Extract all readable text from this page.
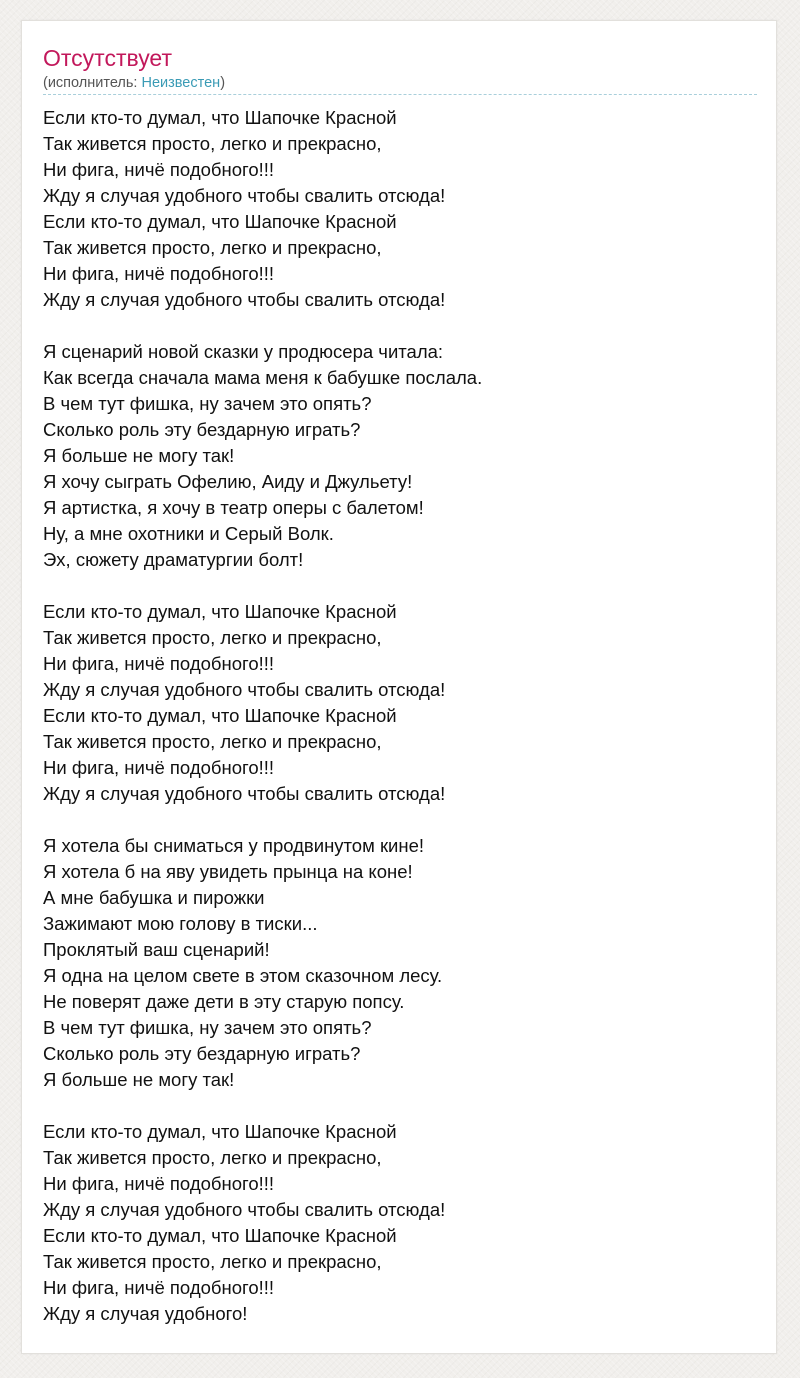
Отсутствует
(исполнитель: Неизвестен)
Если кто-то думал, что Шапочке Красной
Так живется просто, легко и прекрасно,
Ни фига, ничё подобного!!!
Жду я случая удобного чтобы свалить отсюда!
Если кто-то думал, что Шапочке Красной
Так живется просто, легко и прекрасно,
Ни фига, ничё подобного!!!
Жду я случая удобного чтобы свалить отсюда!
Я сценарий новой сказки у продюсера читала:
Как всегда сначала мама меня к бабушке послала.
В чем тут фишка, ну зачем это опять?
Сколько роль эту бездарную играть?
Я больше не могу так!
Я хочу сыграть Офелию, Аиду и Джульету!
Я артистка, я хочу в театр оперы с балетом!
Ну, а мне охотники и Серый Волк.
Эх, сюжету драматургии болт!
Если кто-то думал, что Шапочке Красной
Так живется просто, легко и прекрасно,
Ни фига, ничё подобного!!!
Жду я случая удобного чтобы свалить отсюда!
Если кто-то думал, что Шапочке Красной
Так живется просто, легко и прекрасно,
Ни фига, ничё подобного!!!
Жду я случая удобного чтобы свалить отсюда!
Я хотела бы сниматься у продвинутом кине!
Я хотела б на яву увидеть прынца на коне!
А мне бабушка и пирожки
Зажимают мою голову в тиски...
Проклятый ваш сценарий!
Я одна на целом свете в этом сказочном лесу.
Не поверят даже дети в эту старую попсу.
В чем тут фишка, ну зачем это опять?
Сколько роль эту бездарную играть?
Я больше не могу так!
Если кто-то думал, что Шапочке Красной
Так живется просто, легко и прекрасно,
Ни фига, ничё подобного!!!
Жду я случая удобного чтобы свалить отсюда!
Если кто-то думал, что Шапочке Красной
Так живется просто, легко и прекрасно,
Ни фига, ничё подобного!!!
Жду я случая удобного!
